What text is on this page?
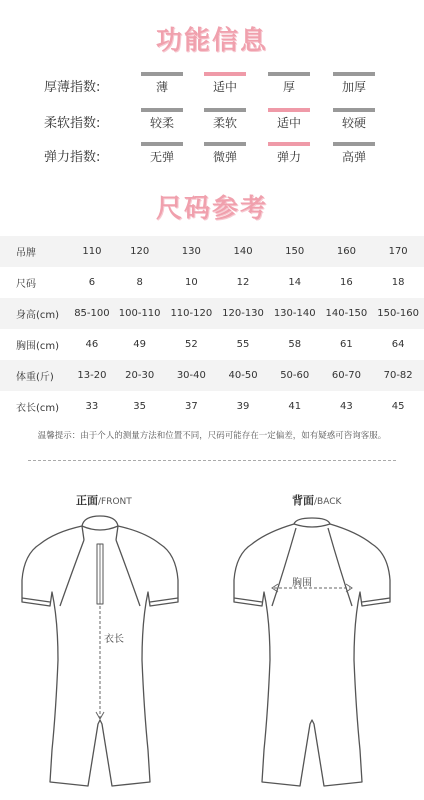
功能信息
厚薄指数:	薄	适中	厚	加厚
柔软指数:	较柔	柔软	适中	较硬
弹力指数:	无弹	微弹	弹力	高弹
尺码参考
吊牌	110	120	130	140	150	160	170
尺码	6	8	10	12	14	16	18
身高(cm)	85-100	100-110	110-120	120-130	130-140	140-150	150-160
胸围(cm)	46	49	52	55	58	61	64
体重(斤)	13-20	20-30	30-40	40-50	50-60	60-70	70-82
衣长(cm)	33	35	37	39	41	43	45
温馨提示：由于个人的测量方法和位置不同，尺码可能存在一定偏差，如有疑惑可咨询客服。
正面/FRONT	背面/BACK
衣长
胸围
